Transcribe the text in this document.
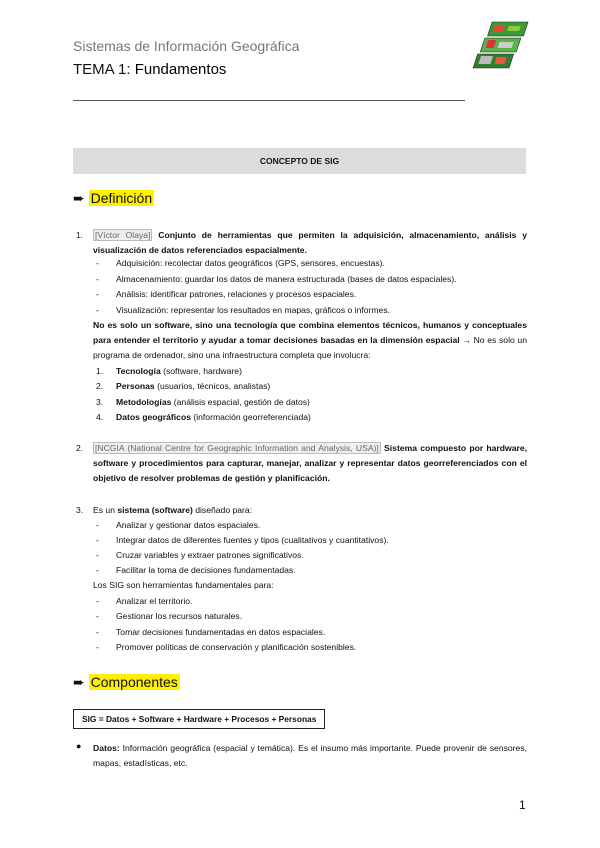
Sistemas de Información Geográfica
TEMA 1: Fundamentos
CONCEPTO DE SIG
➨ Definición
1. [Víctor Olaya] Conjunto de herramientas que permiten la adquisición, almacenamiento, análisis y visualización de datos referenciados espacialmente.
- Adquisición: recolectar datos geográficos (GPS, sensores, encuestas).
- Almacenamiento: guardar los datos de manera estructurada (bases de datos espaciales).
- Análisis: identificar patrones, relaciones y procesos espaciales.
- Visualización: representar los resultados en mapas, gráficos o informes.
No es solo un software, sino una tecnología que combina elementos técnicos, humanos y conceptuales para entender el territorio y ayudar a tomar decisiones basadas en la dimensión espacial → No es solo un programa de ordenador, sino una infraestructura completa que involucra:
1. Tecnología (software, hardware)
2. Personas (usuarios, técnicos, analistas)
3. Metodologías (análisis espacial, gestión de datos)
4. Datos geográficos (información georreferenciada)
2. [NCGIA (National Centre for Geographic Information and Analysis, USA)] Sistema compuesto por hardware, software y procedimientos para capturar, manejar, analizar y representar datos georreferenciados con el objetivo de resolver problemas de gestión y planificación.
3. Es un sistema (software) diseñado para:
- Analizar y gestionar datos espaciales.
- Integrar datos de diferentes fuentes y tipos (cualitativos y cuantitativos).
- Cruzar variables y extraer patrones significativos.
- Facilitar la toma de decisiones fundamentadas.
Los SIG son herramientas fundamentales para:
- Analizar el territorio.
- Gestionar los recursos naturales.
- Tomar decisiones fundamentadas en datos espaciales.
- Promover políticas de conservación y planificación sostenibles.
➨ Componentes
SIG = Datos + Software + Hardware + Procesos + Personas
● Datos: Información geográfica (espacial y temática). Es el insumo más importante. Puede provenir de sensores, mapas, estadísticas, etc.
1
